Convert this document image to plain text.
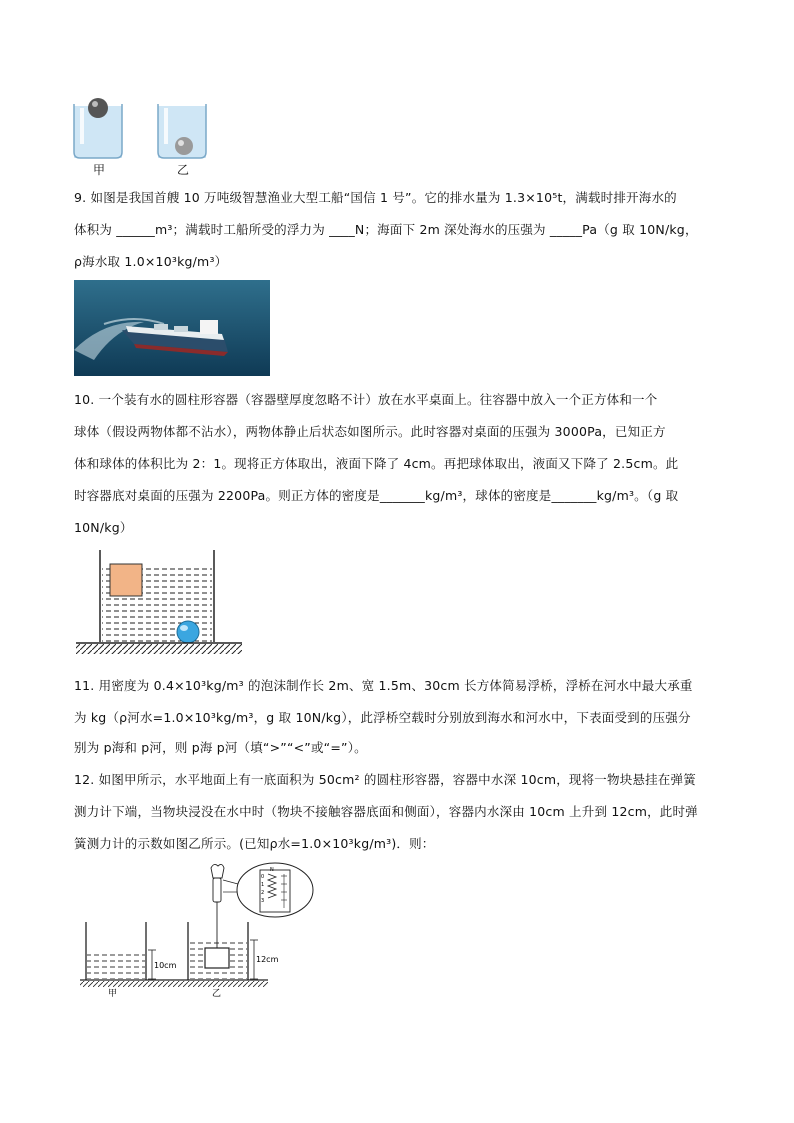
甲	乙
9. 如图是我国首艘 10 万吨级智慧渔业大型工船“国信 1 号”。它的排水量为 1.3×10⁵t，满载时排开海水的
体积为 ______m³；满载时工船所受的浮力为 ____N；海面下 2m 深处海水的压强为 _____Pa（g 取 10N/kg，
ρ海水取 1.0×10³kg/m³）
10. 一个装有水的圆柱形容器（容器壁厚度忽略不计）放在水平桌面上。往容器中放入一个正方体和一个
球体（假设两物体都不沾水），两物体静止后状态如图所示。此时容器对桌面的压强为 3000Pa，已知正方
体和球体的体积比为 2：1。现将正方体取出，液面下降了 4cm。再把球体取出，液面又下降了 2.5cm。此
时容器底对桌面的压强为 2200Pa。则正方体的密度是_______kg/m³，球体的密度是_______kg/m³。（g 取
10N/kg）
11. 用密度为 0.4×10³kg/m³ 的泡沫制作长 2m、宽 1.5m、30cm 长方体简易浮桥，浮桥在河水中最大承重
为 kg（ρ河水=1.0×10³kg/m³，g 取 10N/kg），此浮桥空载时分别放到海水和河水中，下表面受到的压强分
别为 p海和 p河，则 p海 p河（填“>”“<”或“=”）。
12. 如图甲所示，水平地面上有一底面积为 50cm² 的圆柱形容器，容器中水深 10cm，现将一物块悬挂在弹簧
测力计下端，当物块浸没在水中时（物块不接触容器底面和侧面），容器内水深由 10cm 上升到 12cm，此时弹
簧测力计的示数如图乙所示。(已知ρ水=1.0×10³kg/m³)．则：
N
0
1
2
3
10cm
12cm
甲	乙
